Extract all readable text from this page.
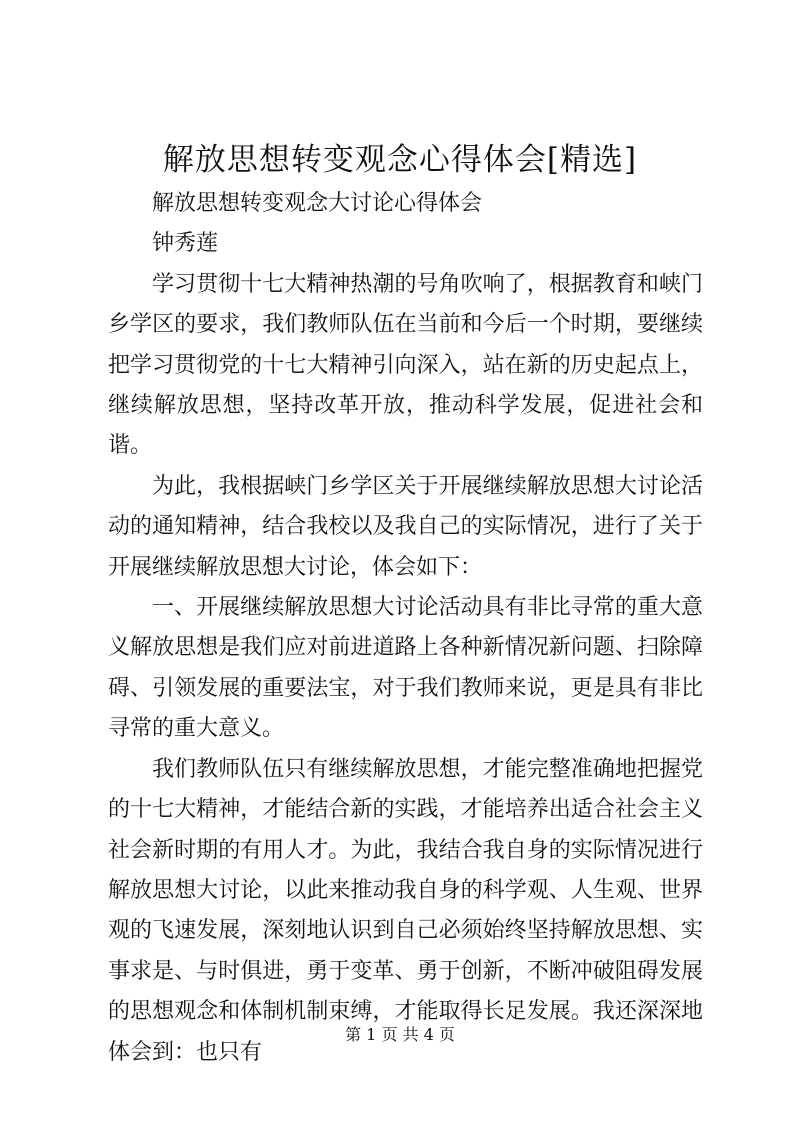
解放思想转变观念心得体会[精选]

解放思想转变观念大讨论心得体会

钟秀莲

学习贯彻十七大精神热潮的号角吹响了，根据教育和峡门乡学区的要求，我们教师队伍在当前和今后一个时期，要继续把学习贯彻党的十七大精神引向深入，站在新的历史起点上，继续解放思想，坚持改革开放，推动科学发展，促进社会和谐。

为此，我根据峡门乡学区关于开展继续解放思想大讨论活动的通知精神，结合我校以及我自己的实际情况，进行了关于开展继续解放思想大讨论，体会如下：

一、开展继续解放思想大讨论活动具有非比寻常的重大意义解放思想是我们应对前进道路上各种新情况新问题、扫除障碍、引领发展的重要法宝，对于我们教师来说，更是具有非比寻常的重大意义。

我们教师队伍只有继续解放思想，才能完整准确地把握党的十七大精神，才能结合新的实践，才能培养出适合社会主义社会新时期的有用人才。为此，我结合我自身的实际情况进行解放思想大讨论，以此来推动我自身的科学观、人生观、世界观的飞速发展，深刻地认识到自己必须始终坚持解放思想、实事求是、与时俱进，勇于变革、勇于创新，不断冲破阻碍发展的思想观念和体制机制束缚，才能取得长足发展。我还深深地体会到：也只有

第 1 页 共 4 页
